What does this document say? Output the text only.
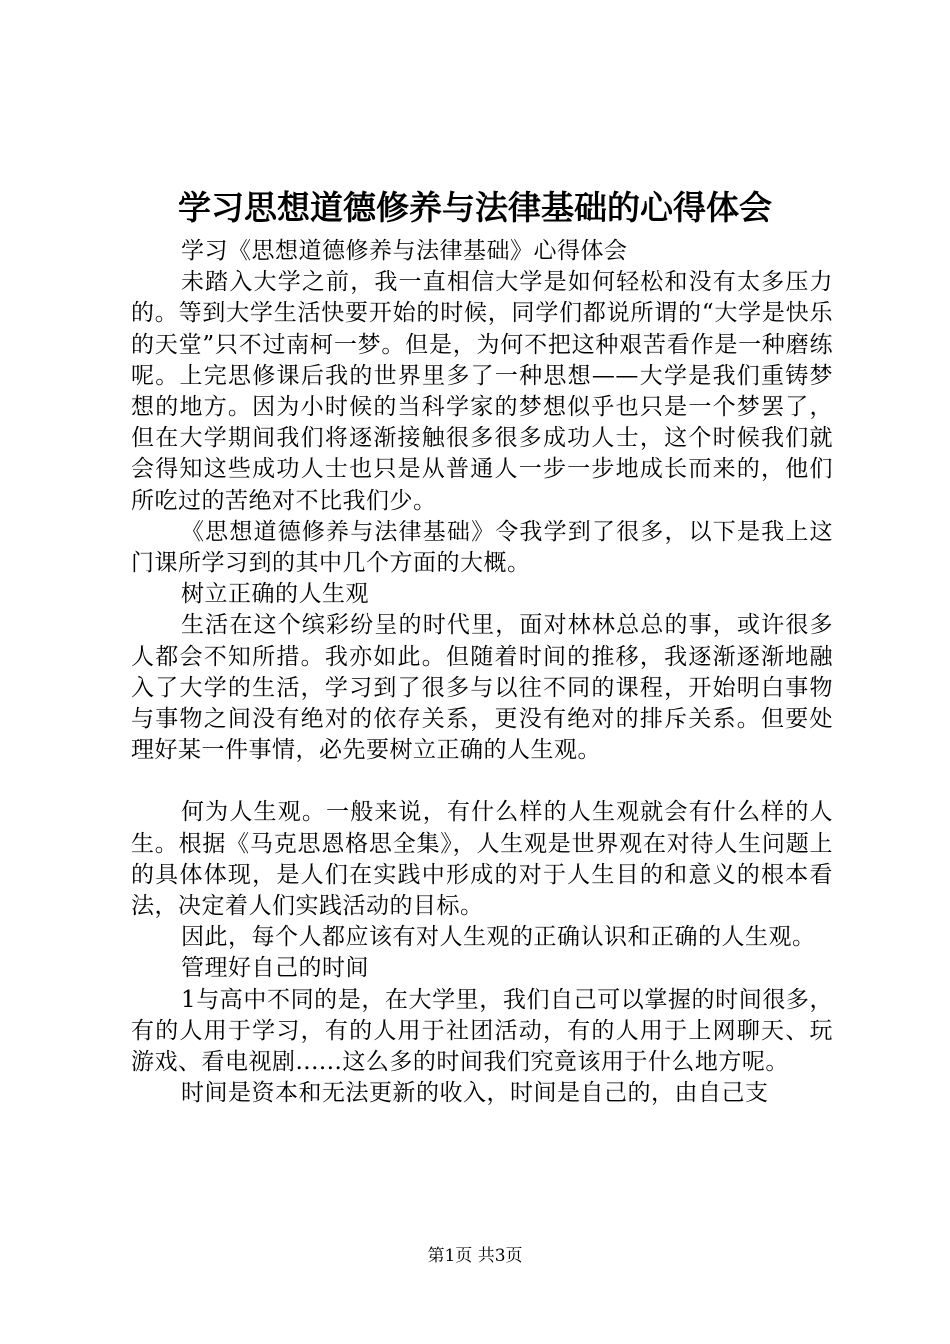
学习思想道德修养与法律基础的心得体会

学习《思想道德修养与法律基础》心得体会

未踏入大学之前，我一直相信大学是如何轻松和没有太多压力的。等到大学生活快要开始的时候，同学们都说所谓的“大学是快乐的天堂”只不过南柯一梦。但是，为何不把这种艰苦看作是一种磨练呢。上完思修课后我的世界里多了一种思想——大学是我们重铸梦想的地方。因为小时候的当科学家的梦想似乎也只是一个梦罢了，但在大学期间我们将逐渐接触很多很多成功人士，这个时候我们就会得知这些成功人士也只是从普通人一步一步地成长而来的，他们所吃过的苦绝对不比我们少。

《思想道德修养与法律基础》令我学到了很多，以下是我上这门课所学习到的其中几个方面的大概。

树立正确的人生观

生活在这个缤彩纷呈的时代里，面对林林总总的事，或许很多人都会不知所措。我亦如此。但随着时间的推移，我逐渐逐渐地融入了大学的生活，学习到了很多与以往不同的课程，开始明白事物与事物之间没有绝对的依存关系，更没有绝对的排斥关系。但要处理好某一件事情，必先要树立正确的人生观。

何为人生观。一般来说，有什么样的人生观就会有什么样的人生。根据《马克思恩格思全集》，人生观是世界观在对待人生问题上的具体体现，是人们在实践中形成的对于人生目的和意义的根本看法，决定着人们实践活动的目标。

因此，每个人都应该有对人生观的正确认识和正确的人生观。

管理好自己的时间

1与高中不同的是，在大学里，我们自己可以掌握的时间很多，有的人用于学习，有的人用于社团活动，有的人用于上网聊天、玩游戏、看电视剧......这么多的时间我们究竟该用于什么地方呢。

时间是资本和无法更新的收入，时间是自己的，由自己支

第1页 共3页
